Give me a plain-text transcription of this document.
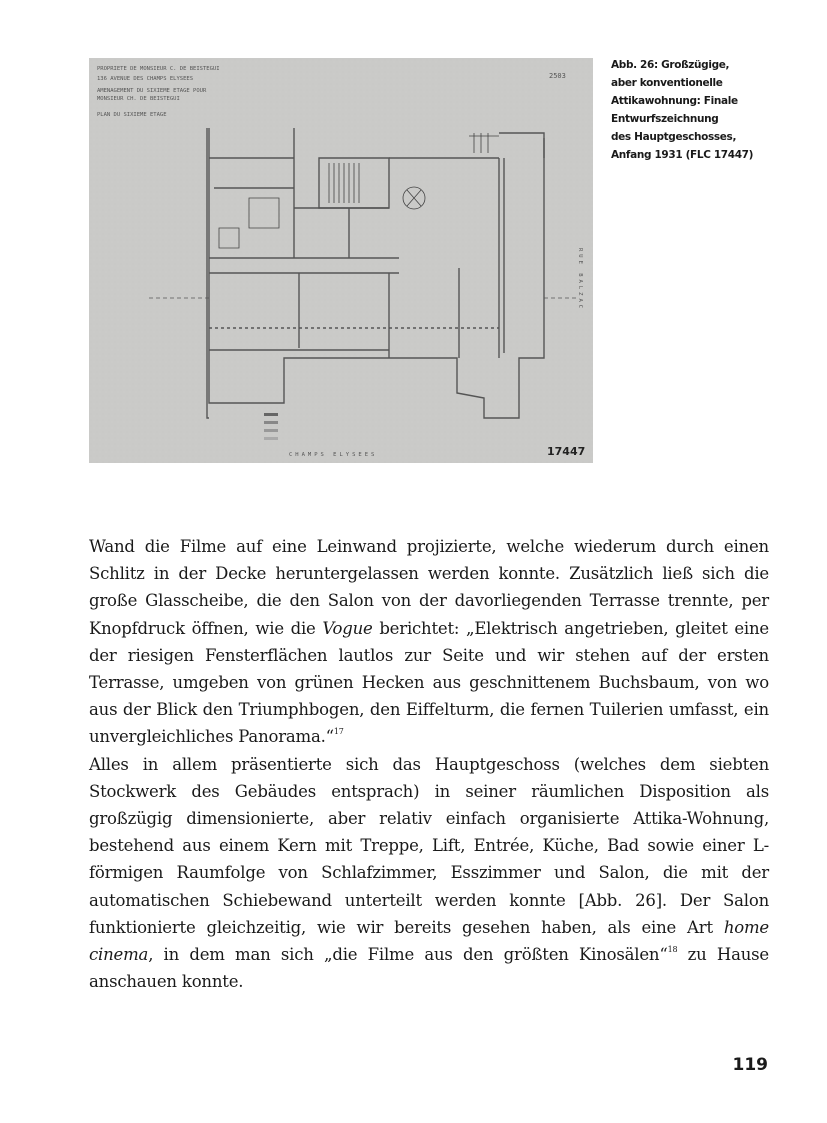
PROPRIETE DE MONSIEUR C. DE BEISTEGUI
136 AVENUE DES CHAMPS ELYSEES
AMENAGEMENT DU SIXIEME ETAGE POUR
MONSIEUR CH. DE BEISTEGUI
PLAN DU SIXIEME ETAGE
2503
CHAMPS ELYSEES
RUE BALZAC
17447
Abb. 26: Großzügige,
aber konventionelle
Attikawohnung: Finale
Entwurfszeichnung
des Hauptgeschosses,
Anfang 1931 (FLC 17447)

Wand die Filme auf eine Leinwand projizierte, welche wiederum durch einen Schlitz in der Decke heruntergelassen werden konnte. Zusätzlich ließ sich die große Glasscheibe, die den Salon von der davorliegenden Terrasse trennte, per Knopfdruck öffnen, wie die Vogue berichtet: „Elektrisch angetrieben, gleitet eine der riesigen Fensterflächen lautlos zur Seite und wir stehen auf der ersten Terrasse, umgeben von grünen Hecken aus geschnittenem Buchsbaum, von wo aus der Blick den Triumphbogen, den Eiffelturm, die fernen Tuilerien umfasst, ein unvergleichliches Panorama.“$^{17}$

Alles in allem präsentierte sich das Hauptgeschoss (welches dem siebten Stockwerk des Gebäudes entsprach) in seiner räumlichen Disposition als großzügig dimensionierte, aber relativ einfach organisierte Attika-Wohnung, bestehend aus einem Kern mit Treppe, Lift, Entrée, Küche, Bad sowie einer L-förmigen Raumfolge von Schlafzimmer, Esszimmer und Salon, die mit der automatischen Schiebewand unterteilt werden konnte [Abb. 26]. Der Salon funktionierte gleichzeitig, wie wir bereits gesehen haben, als eine Art home cinema, in dem man sich „die Filme aus den größten Kinosälen“$^{18}$ zu Hause anschauen konnte.

119
